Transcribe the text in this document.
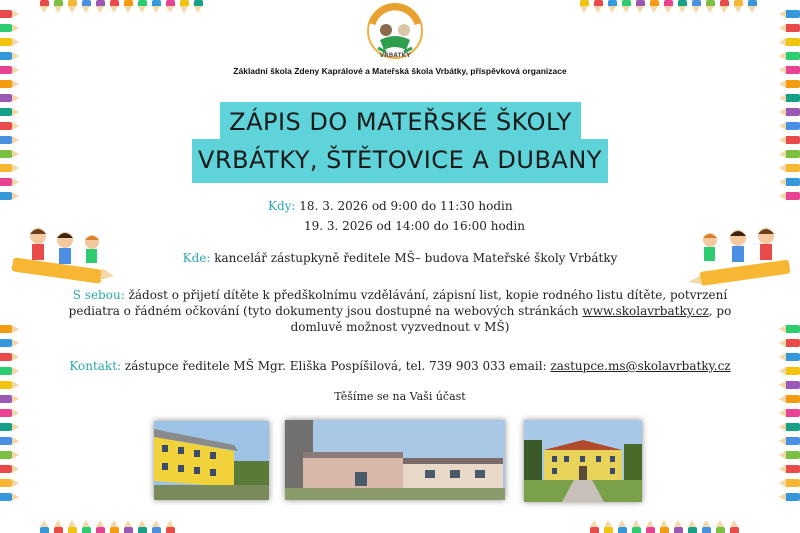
VRBÁTKY
Základní škola Zdeny Kaprálové a Mateřská škola Vrbátky, příspěvková organizace
ZÁPIS DO MATEŘSKÉ ŠKOLY
VRBÁTKY, ŠTĚTOVICE A DUBANY
Kdy: 18. 3. 2026 od 9:00 do 11:30 hodin
19. 3. 2026 od 14:00 do 16:00 hodin
Kde: kancelář zástupkyně ředitele MŠ– budova Mateřské školy Vrbátky
S sebou: žádost o přijetí dítěte k předškolnímu vzdělávání, zápisní list, kopie rodného listu dítěte, potvrzení
pediatra o řádném očkování (tyto dokumenty jsou dostupné na webových stránkách www.skolavrbatky.cz, po
domluvě možnost vyzvednout v MŠ)
Kontakt: zástupce ředitele MŠ Mgr. Eliška Pospíšilová, tel. 739 903 033 email: zastupce.ms@skolavrbatky.cz
Těšíme se na Vaši účast
